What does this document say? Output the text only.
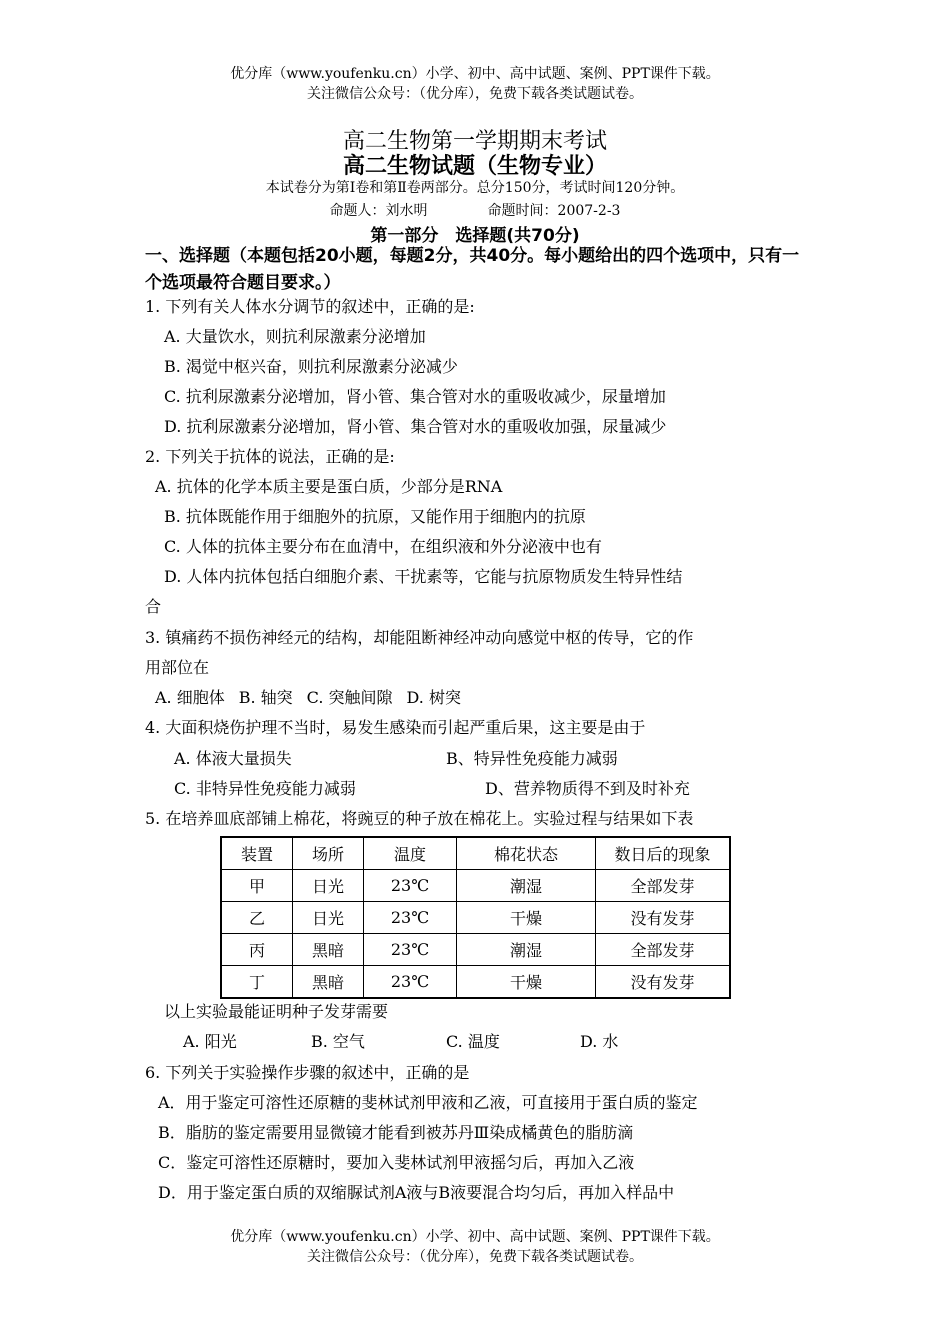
优分库（www.youfenku.cn）小学、初中、高中试题、案例、PPT课件下载。
关注微信公众号：（优分库），免费下载各类试题试卷。
高二生物第一学期期末考试
高二生物试题（生物专业）
本试卷分为第Ⅰ卷和第Ⅱ卷两部分。总分150分，考试时间120分钟。
命题人：刘水明	命题时间：2007-2-3
第一部分　选择题(共70分)
一、选择题（本题包括20小题，每题2分，共40分。每小题给出的四个选项中，只有一个选项最符合题目要求。）
1. 下列有关人体水分调节的叙述中，正确的是:
A. 大量饮水，则抗利尿激素分泌增加
B. 渴觉中枢兴奋，则抗利尿激素分泌减少
C. 抗利尿激素分泌增加，肾小管、集合管对水的重吸收减少，尿量增加
D. 抗利尿激素分泌增加，肾小管、集合管对水的重吸收加强，尿量减少
2. 下列关于抗体的说法，正确的是:
A. 抗体的化学本质主要是蛋白质，少部分是RNA
B. 抗体既能作用于细胞外的抗原，又能作用于细胞内的抗原
C. 人体的抗体主要分布在血清中，在组织液和外分泌液中也有
D. 人体内抗体包括白细胞介素、干扰素等，它能与抗原物质发生特异性结
合
3. 镇痛药不损伤神经元的结构，却能阻断神经冲动向感觉中枢的传导，它的作
用部位在
A. 细胞体 B. 轴突 C. 突触间隙 D. 树突
4. 大面积烧伤护理不当时，易发生感染而引起严重后果，这主要是由于
A. 体液大量损失	B、特异性免疫能力减弱
C. 非特异性免疫能力减弱	D、营养物质得不到及时补充
5. 在培养皿底部铺上棉花，将豌豆的种子放在棉花上。实验过程与结果如下表
装置	场所	温度	棉花状态	数日后的现象
甲	日光	23℃	潮湿	全部发芽
乙	日光	23℃	干燥	没有发芽
丙	黑暗	23℃	潮湿	全部发芽
丁	黑暗	23℃	干燥	没有发芽
以上实验最能证明种子发芽需要
A. 阳光	B. 空气	C. 温度	D. 水
6. 下列关于实验操作步骤的叙述中，正确的是
A．用于鉴定可溶性还原糖的斐林试剂甲液和乙液，可直接用于蛋白质的鉴定
B．脂肪的鉴定需要用显微镜才能看到被苏丹Ⅲ染成橘黄色的脂肪滴
C．鉴定可溶性还原糖时，要加入斐林试剂甲液摇匀后，再加入乙液
D．用于鉴定蛋白质的双缩脲试剂A液与B液要混合均匀后，再加入样品中
优分库（www.youfenku.cn）小学、初中、高中试题、案例、PPT课件下载。
关注微信公众号：（优分库），免费下载各类试题试卷。
